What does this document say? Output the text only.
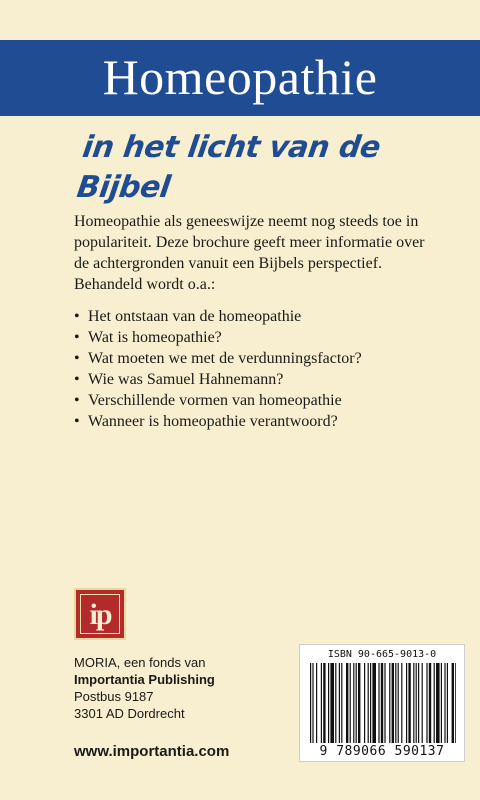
Homeopathie
in het licht van de Bijbel
Homeopathie als geneeswijze neemt nog steeds toe in populariteit. Deze brochure geeft meer informatie over de achtergronden vanuit een Bijbels perspectief. Behandeld wordt o.a.:
• Het ontstaan van de homeopathie
• Wat is homeopathie?
• Wat moeten we met de verdunningsfactor?
• Wie was Samuel Hahnemann?
• Verschillende vormen van homeopathie
• Wanneer is homeopathie verantwoord?
ip
MORIA, een fonds van
Importantia Publishing
Postbus 9187
3301 AD Dordrecht
www.importantia.com
ISBN 90-665-9013-0
9 789066 590137
